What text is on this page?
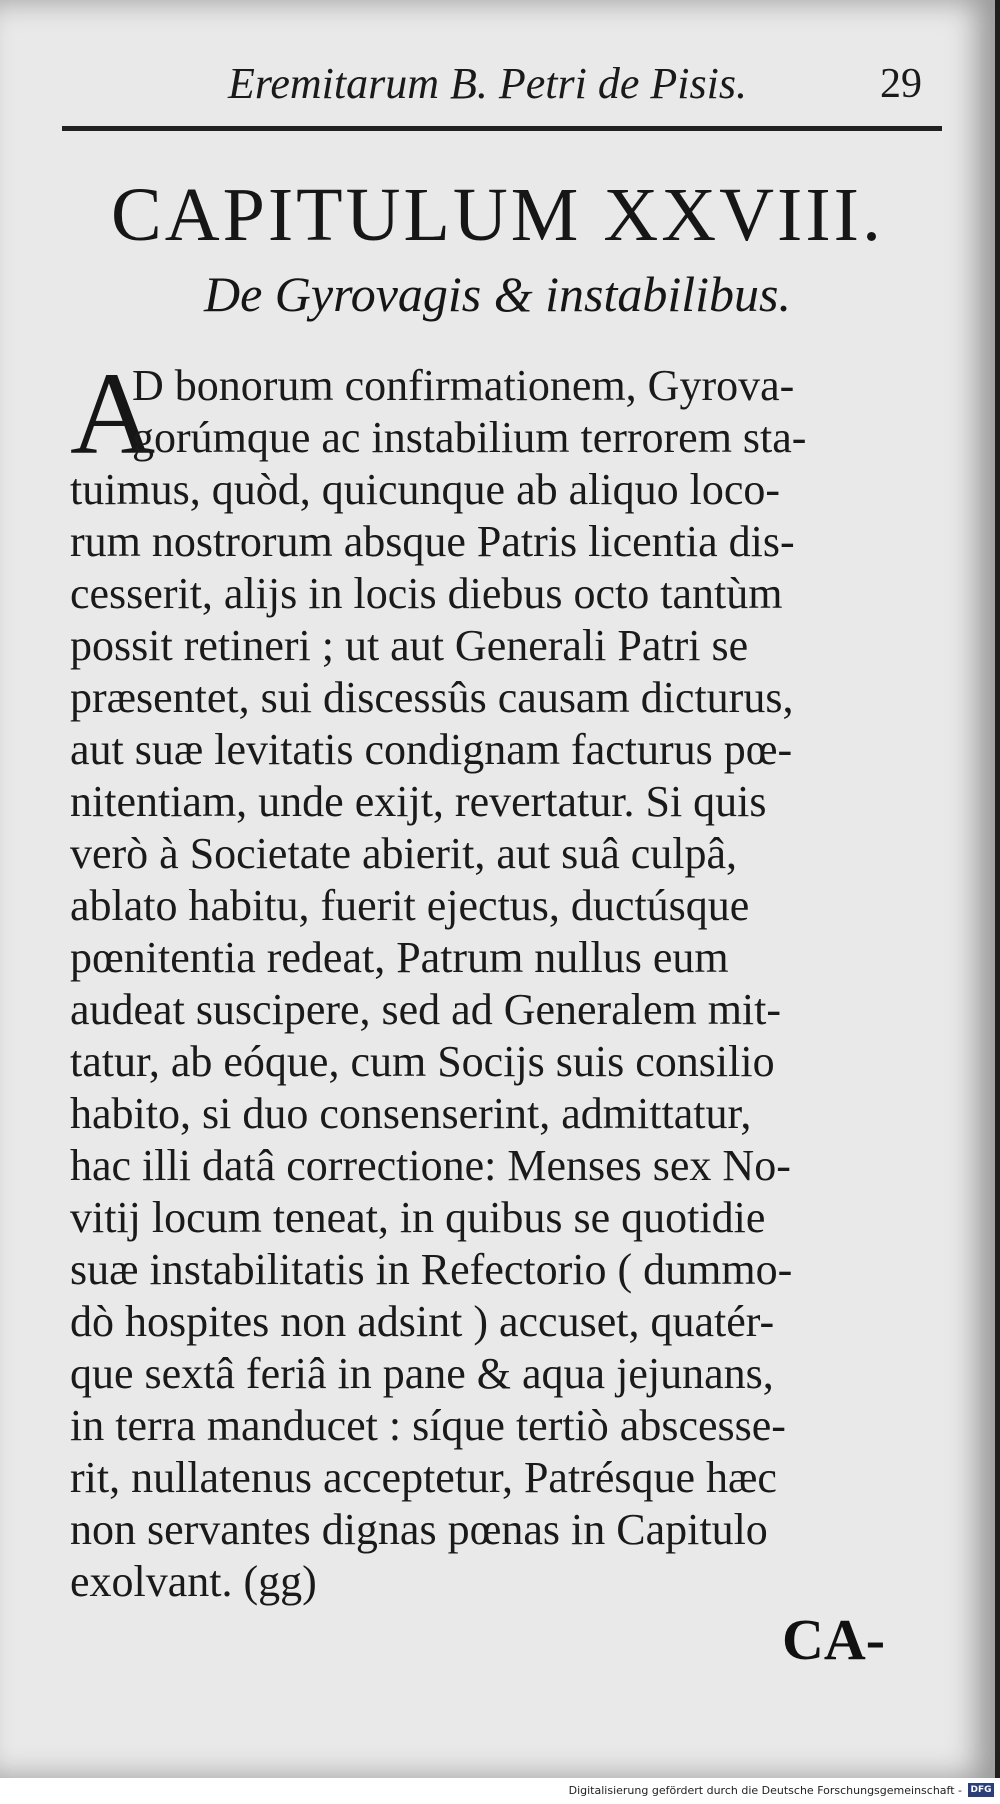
Eremitarum B. Petri de Pisis.	29
CAPITULUM XXVIII.
De Gyrovagis & instabilibus.
A
D bonorum confirmationem, Gyrova-
gorúmque ac instabilium terrorem sta-
tuimus, quòd, quicunque ab aliquo loco-
rum nostrorum absque Patris licentia dis-
cesserit, alijs in locis diebus octo tantùm
possit retineri ; ut aut Generali Patri se
præsentet, sui discessûs causam dicturus,
aut suæ levitatis condignam facturus pœ-
nitentiam, unde exijt, revertatur. Si quis
verò à Societate abierit, aut suâ culpâ,
ablato habitu, fuerit ejectus, ductúsque
pœnitentia redeat, Patrum nullus eum
audeat suscipere, sed ad Generalem mit-
tatur, ab eóque, cum Socijs suis consilio
habito, si duo consenserint, admittatur,
hac illi datâ correctione: Menses sex No-
vitij locum teneat, in quibus se quotidie
suæ instabilitatis in Refectorio ( dummo-
dò hospites non adsint ) accuset, quatér-
que sextâ feriâ in pane & aqua jejunans,
in terra manducet : síque tertiò abscesse-
rit, nullatenus acceptetur, Patrésque hæc
non servantes dignas pœnas in Capitulo
exolvant. (gg)
CA-
Digitalisierung gefördert durch die Deutsche Forschungsgemeinschaft - DFG
